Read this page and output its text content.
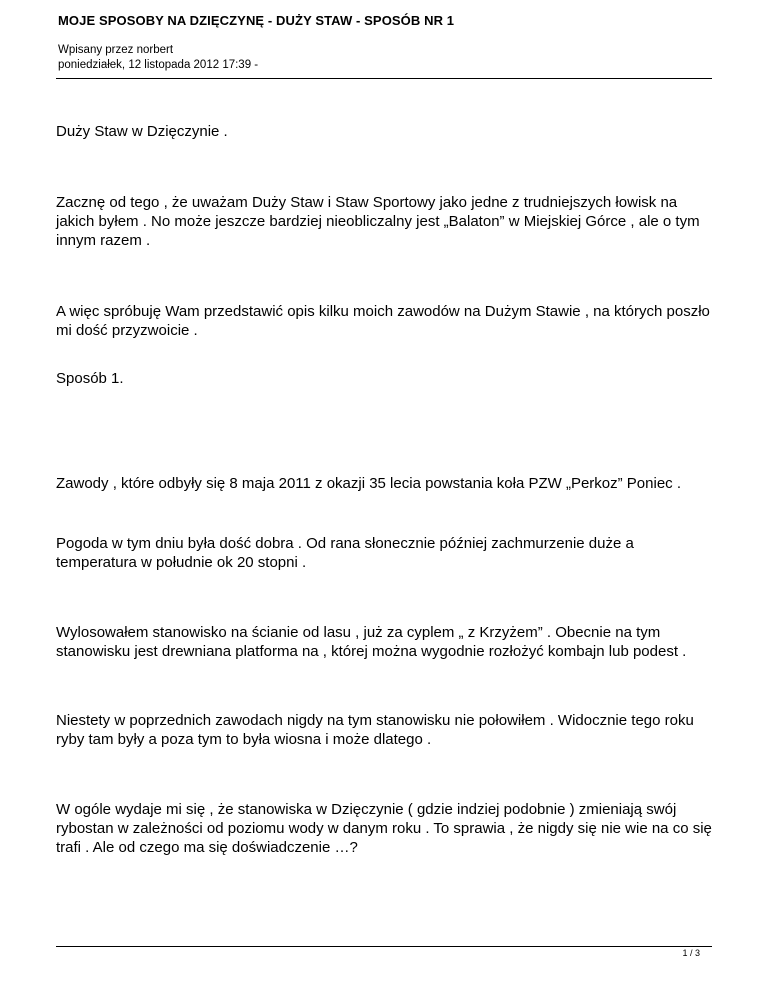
MOJE SPOSOBY NA DZIĘCZYNĘ - DUŻY STAW - SPOSÓB NR 1
Wpisany przez norbert
poniedziałek, 12 listopada 2012 17:39 -

Duży Staw w Dzięczynie .

Zacznę od tego , że uważam Duży Staw i Staw Sportowy jako jedne z trudniejszych łowisk na jakich byłem . No może jeszcze bardziej nieobliczalny jest „Balaton” w Miejskiej Górce , ale o tym innym razem .

A więc spróbuję Wam przedstawić opis kilku moich zawodów na Dużym Stawie , na których poszło mi dość przyzwoicie .

Sposób 1.

Zawody , które odbyły się 8 maja 2011 z okazji 35 lecia powstania koła PZW „Perkoz” Poniec .

Pogoda w tym dniu była dość dobra . Od rana słonecznie później zachmurzenie duże a temperatura w południe ok 20 stopni .

Wylosowałem stanowisko na ścianie od lasu , już za cyplem „ z Krzyżem” . Obecnie na tym stanowisku jest drewniana platforma na , której można wygodnie rozłożyć kombajn lub podest .

Niestety w poprzednich zawodach nigdy na tym stanowisku nie połowiłem . Widocznie tego roku ryby tam były a poza tym to była wiosna i może dlatego .

W ogóle wydaje mi się , że stanowiska w Dzięczynie ( gdzie indziej podobnie ) zmieniają swój rybostan w zależności od poziomu wody w danym roku . To sprawia , że nigdy się nie wie na co się trafi . Ale od czego ma się doświadczenie …?

1 / 3
